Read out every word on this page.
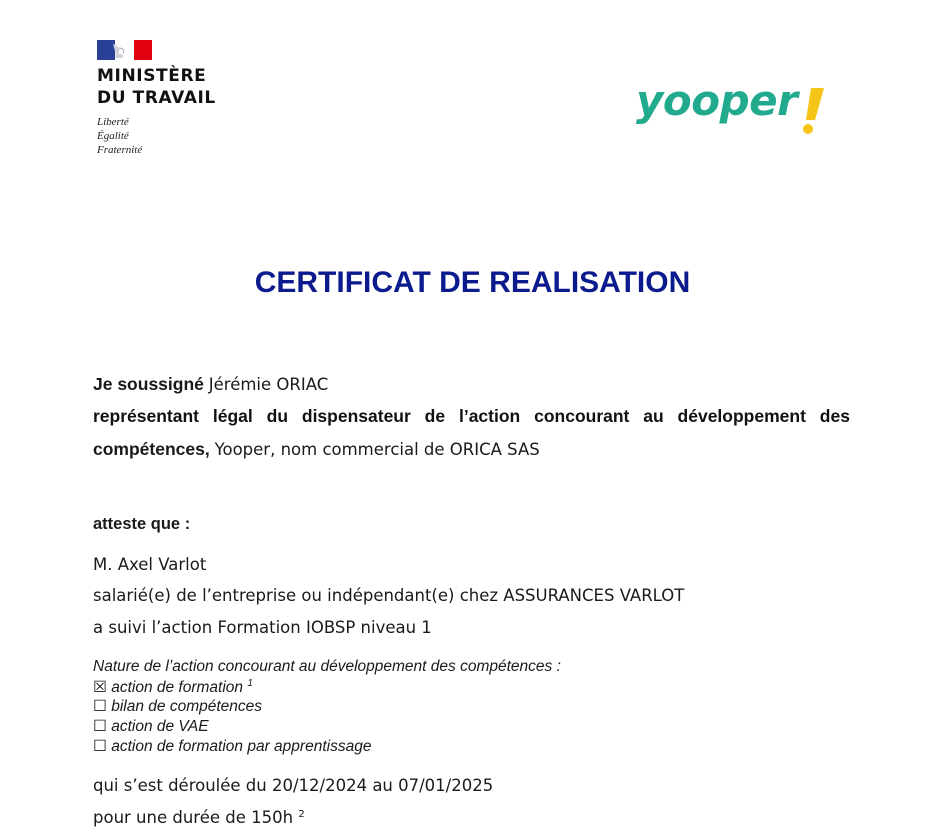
MINISTÈRE
DU TRAVAIL
Liberté
Égalité
Fraternité
yooper
CERTIFICAT DE REALISATION
Je soussigné Jérémie ORIAC
représentant légal du dispensateur de l’action concourant au développement des
compétences, Yooper, nom commercial de ORICA SAS
atteste que :
M. Axel Varlot
salarié(e) de l’entreprise ou indépendant(e) chez ASSURANCES VARLOT
a suivi l’action Formation IOBSP niveau 1
Nature de l’action concourant au développement des compétences :
☒ action de formation $^1$
☐ bilan de compétences
☐ action de VAE
☐ action de formation par apprentissage
qui s’est déroulée du 20/12/2024 au 07/01/2025
pour une durée de 150h $^2$
